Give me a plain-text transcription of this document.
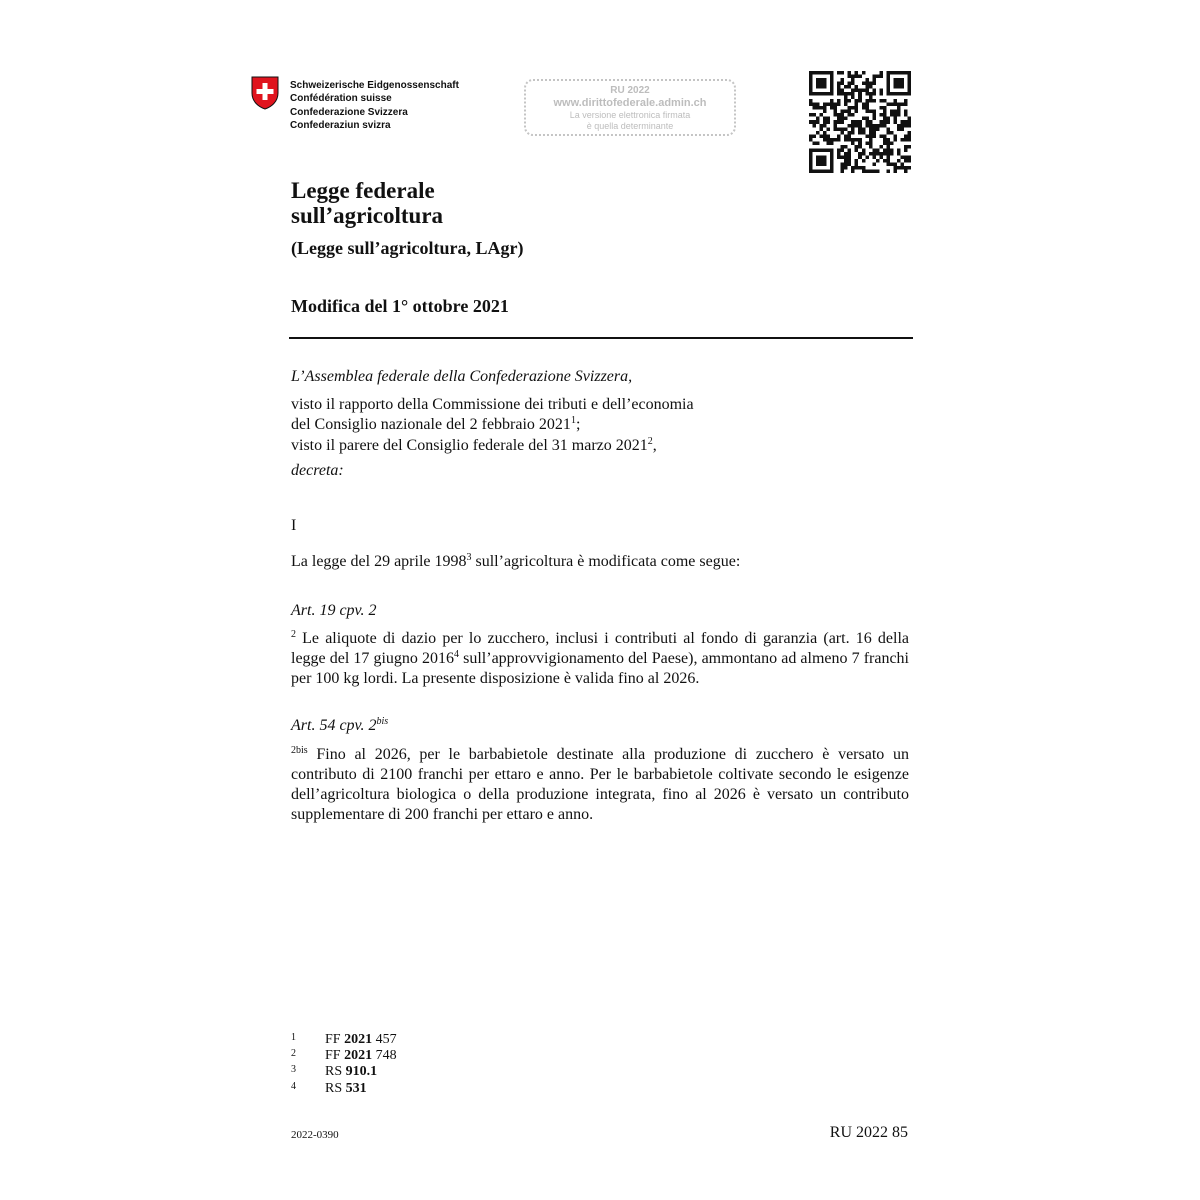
Schweizerische Eidgenossenschaft
Confédération suisse
Confederazione Svizzera
Confederaziun svizra
RU 2022
www.dirittofederale.admin.ch
La versione elettronica firmata
è quella determinante
Legge federale
sull’agricoltura
(Legge sull’agricoltura, LAgr)
Modifica del 1° ottobre 2021
L’Assemblea federale della Confederazione Svizzera,
visto il rapporto della Commissione dei tributi e dell’economia
del Consiglio nazionale del 2 febbraio 2021$^1$;
visto il parere del Consiglio federale del 31 marzo 2021$^2$,
decreta:
I
La legge del 29 aprile 1998$^3$ sull’agricoltura è modificata come segue:
Art. 19 cpv. 2
$^2$ Le aliquote di dazio per lo zucchero, inclusi i contributi al fondo di garanzia (art. 16 della legge del 17 giugno 2016$^4$ sull’approvvigionamento del Paese), ammontano ad almeno 7 franchi per 100 kg lordi. La presente disposizione è valida fino al 2026.
Art. 54 cpv. $2^{bis}$
$^{2bis}$ Fino al 2026, per le barbabietole destinate alla produzione di zucchero è versato un contributo di 2100 franchi per ettaro e anno. Per le barbabietole coltivate secondo le esigenze dell’agricoltura biologica o della produzione integrata, fino al 2026 è versato un contributo supplementare di 200 franchi per ettaro e anno.
1 FF 2021 457
2 FF 2021 748
3 RS 910.1
4 RS 531
2022-0390	RU 2022 85
